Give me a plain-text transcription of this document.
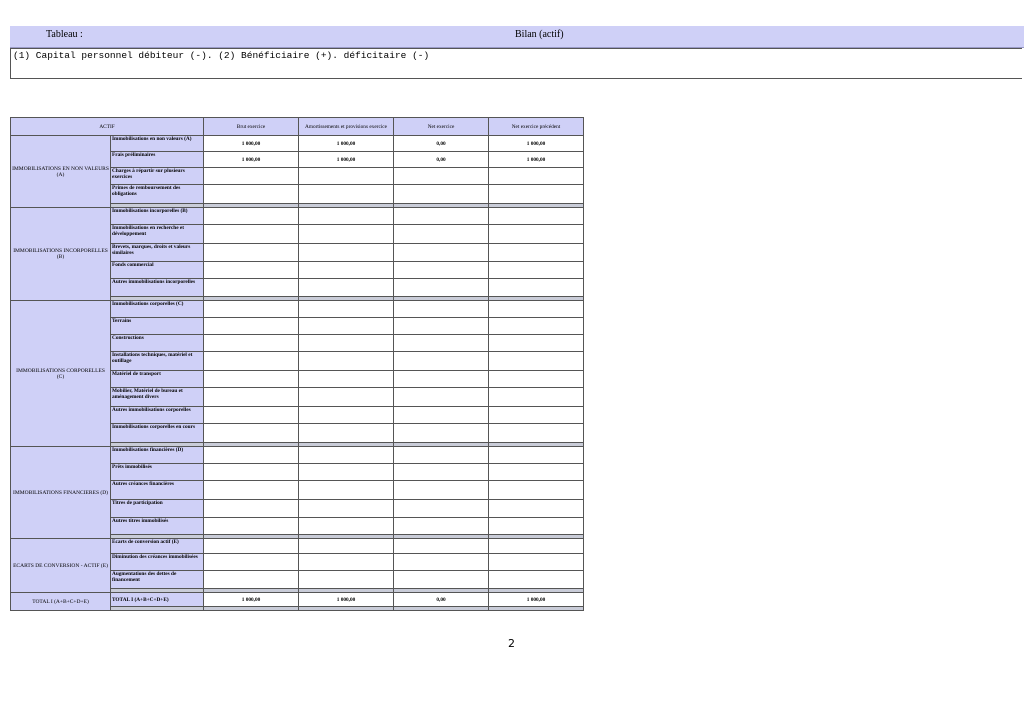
Tableau :	Bilan (actif)
(1) Capital personnel débiteur (-). (2) Bénéficiaire (+). déficitaire (-)
ACTIF		Brut exercice	Amortissements et provisions exercice	Net exercice	Net exercice précédent
IMMOBILISATIONS EN NON VALEURS (A)	Immobilisations en non valeurs (A)	1 000,00	1 000,00	0,00	1 000,00
	Frais préliminaires	1 000,00	1 000,00	0,00	1 000,00
	Charges à répartir sur plusieurs exercices				
	Primes de remboursement des obligations				

IMMOBILISATIONS INCORPORELLES (B)	Immobilisations incorporelles (B)				
	Immobilisations en recherche et développement				
	Brevets, marques, droits et valeurs similaires				
	Fonds commercial				
	Autres immobilisations incorporelles				

IMMOBILISATIONS CORPORELLES (C)	Immobilisations corporelles (C)				
	Terrains				
	Constructions				
	Installations techniques, matériel et outillage				
	Matériel de transport				
	Mobilier, Matériel de bureau et aménagement divers				
	Autres immobilisations corporelles				
	Immobilisations corporelles en cours				

IMMOBILISATIONS FINANCIERES (D)	Immobilisations financières (D)				
	Prêts immobilisés				
	Autres créances financières				
	Titres de participation				
	Autres titres immobilisés				

ECARTS DE CONVERSION - ACTIF (E)	Ecarts de conversion actif (E)				
	Diminution des créances immobilisées				
	Augmentations des dettes de financement				

TOTAL I (A+B+C+D+E)	TOTAL I (A+B+C+D+E)	1 000,00	1 000,00	0,00	1 000,00

2
